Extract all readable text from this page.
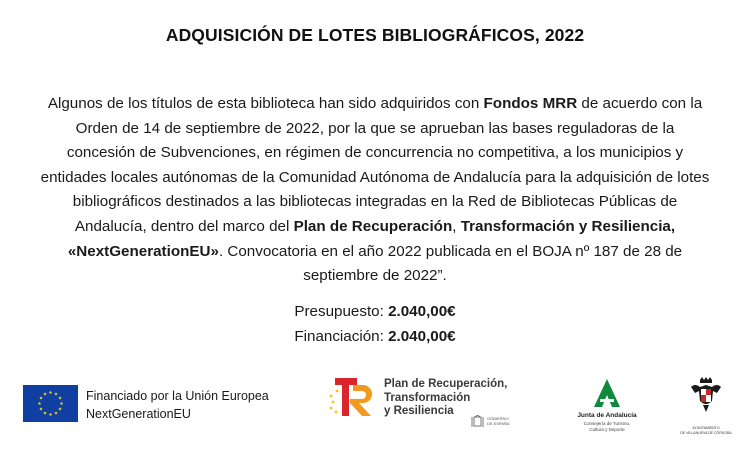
ADQUISICIÓN DE LOTES BIBLIOGRÁFICOS, 2022
Algunos de los títulos de esta biblioteca han sido adquiridos con Fondos MRR de acuerdo con la Orden de 14 de septiembre de 2022, por la que se aprueban las bases reguladoras de la concesión de Subvenciones, en régimen de concurrencia no competitiva, a los municipios y entidades locales autónomas de la Comunidad Autónoma de Andalucía para la adquisición de lotes bibliográficos destinados a las bibliotecas integradas en la Red de Bibliotecas Públicas de Andalucía, dentro del marco del Plan de Recuperación, Transformación y Resiliencia, «NextGenerationEU». Convocatoria en el año 2022 publicada en el BOJA nº 187 de 28 de septiembre de 2022”.
Presupuesto: 2.040,00€
Financiación: 2.040,00€
Financiado por la Unión Europea
NextGenerationEU
Plan de Recuperación,
Transformación
y Resiliencia
GOBIERNO
DE ESPAÑA
Junta de Andalucía
Consejería de Turismo,
Cultura y Deporte	AYUNTAMIENTO
DE VILLANUEVA DE CÓRDOBA
